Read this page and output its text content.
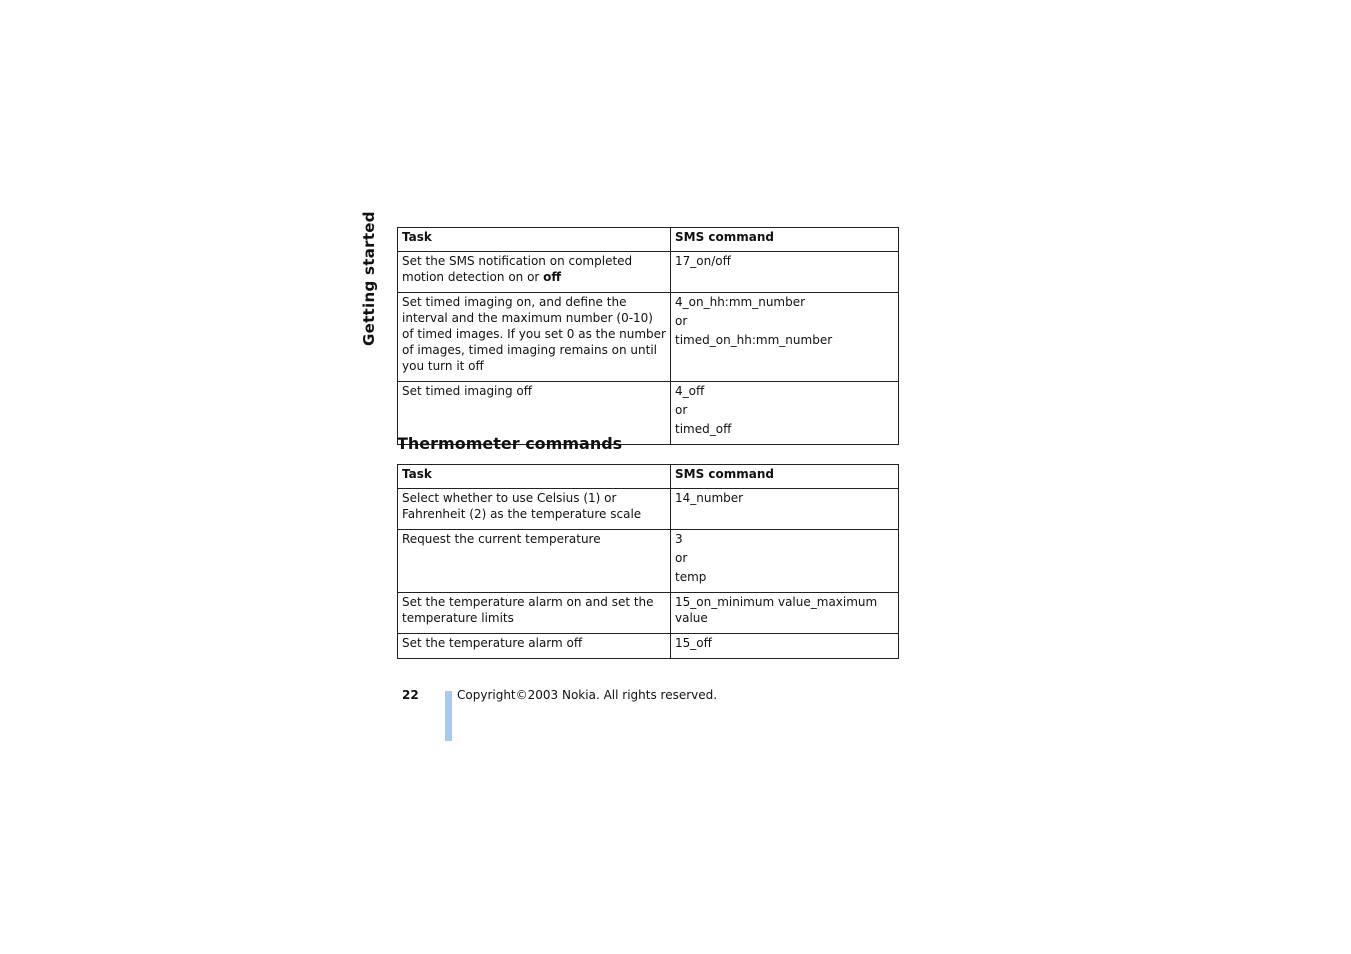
Getting started Task	SMS command
Set the SMS notification on completed motion detection on or off	17_on/off

Set timed imaging on, and define the interval and the maximum number (0-10) of timed images. If you set 0 as the number of images, timed imaging remains on until you turn it off	4_on_hh:mm_number
or
timed_on_hh:mm_number

Set timed imaging off	4_off
or
timed_off
Thermometer commands
Task	SMS command
Select whether to use Celsius (1) or Fahrenheit (2) as the temperature scale	14_number

Request the current temperature	3
or
temp

Set the temperature alarm on and set the temperature limits	15_on_minimum value_maximum value

Set the temperature alarm off	15_off
22	Copyright©2003 Nokia. All rights reserved.
